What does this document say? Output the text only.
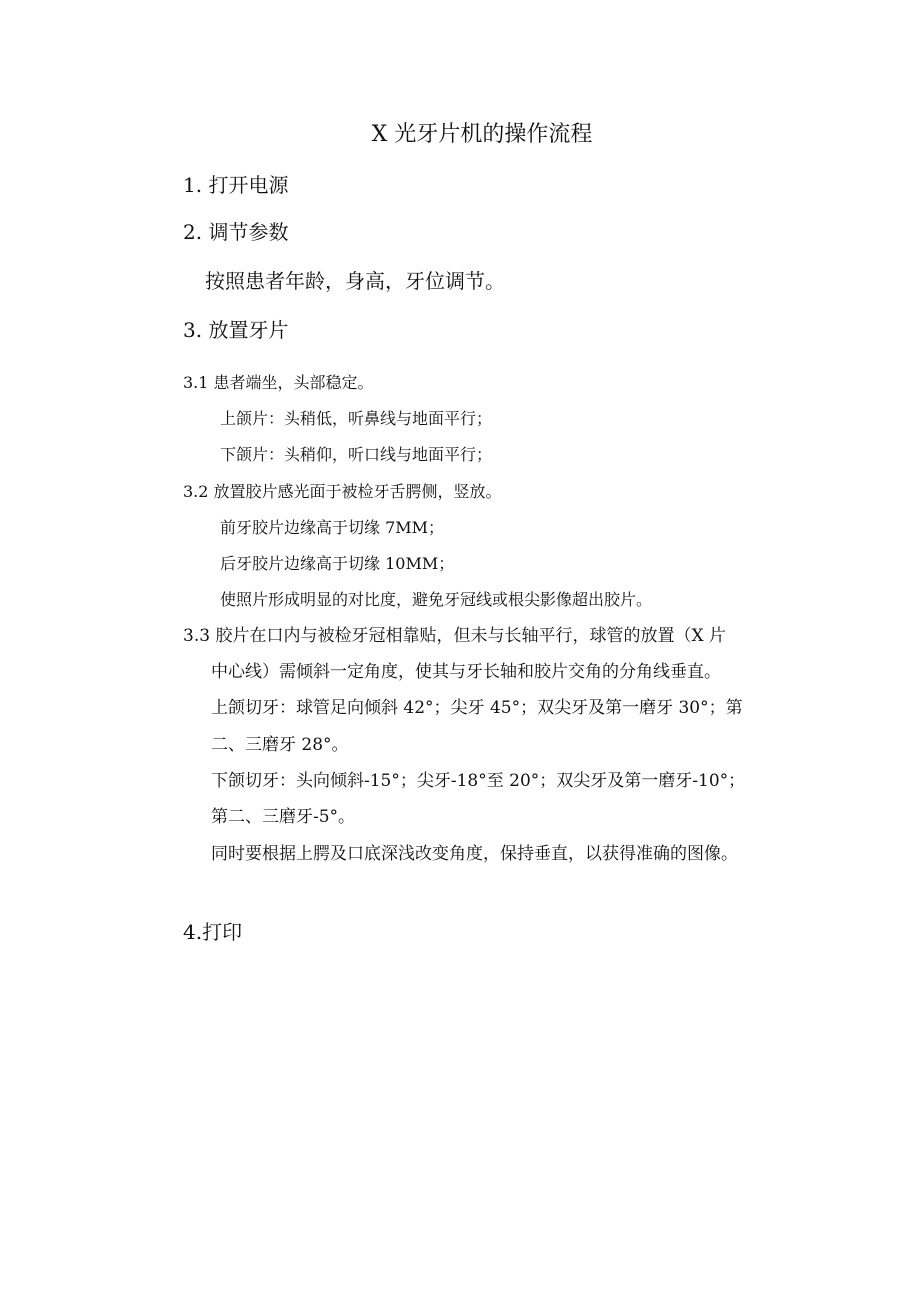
X 光牙片机的操作流程
1. 打开电源
2. 调节参数
按照患者年龄，身高，牙位调节。
3. 放置牙片
3.1 患者端坐，头部稳定。
上颌片：头稍低，听鼻线与地面平行；
下颌片：头稍仰，听口线与地面平行；
3.2 放置胶片感光面于被检牙舌腭侧，竖放。
前牙胶片边缘高于切缘 7MM；
后牙胶片边缘高于切缘 10MM；
使照片形成明显的对比度，避免牙冠线或根尖影像超出胶片。
3.3 胶片在口内与被检牙冠相靠贴，但未与长轴平行，球管的放置（X 片
中心线）需倾斜一定角度，使其与牙长轴和胶片交角的分角线垂直。
上颌切牙：球管足向倾斜 42°；尖牙 45°；双尖牙及第一磨牙 30°；第
二、三磨牙 28°。
下颌切牙：头向倾斜-15°；尖牙-18°至 20°；双尖牙及第一磨牙-10°；
第二、三磨牙-5°。
同时要根据上腭及口底深浅改变角度，保持垂直，以获得准确的图像。
4.打印
